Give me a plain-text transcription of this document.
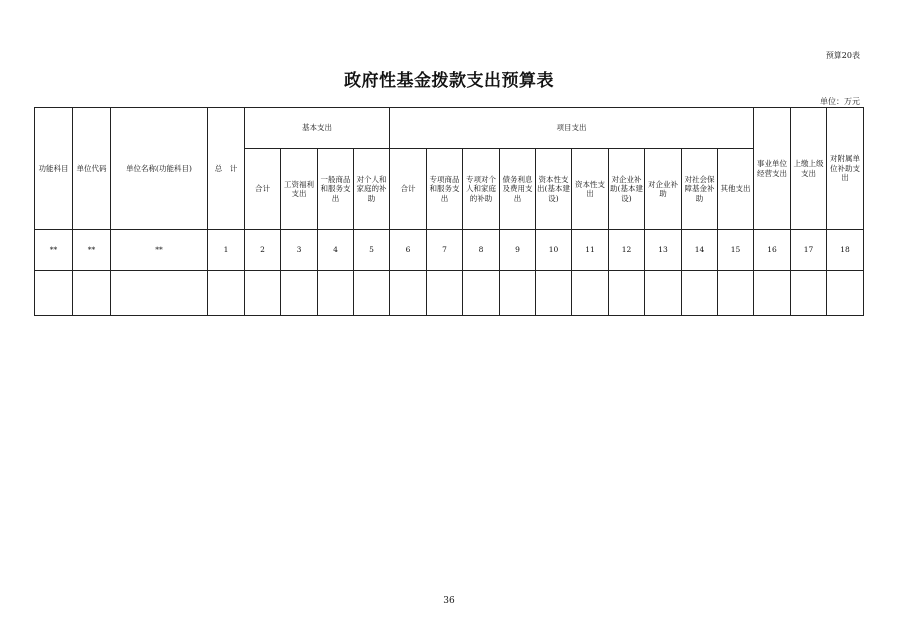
预算20表
政府性基金拨款支出预算表
单位：万元
功能科目	单位代码	单位名称(功能科目)	总　计	基本支出				项目支出										事业单位经营支出	上缴上级支出	对附属单位补助支出
				合计	工资福利支出	一般商品和服务支出	对个人和家庭的补助	合计	专项商品和服务支出	专项对个人和家庭的补助	债务利息及费用支出	资本性支出(基本建设)	资本性支出	对企业补助(基本建设)	对企业补助	对社会保障基金补助	其他支出			
**	**	**	1	2	3	4	5	6	7	8	9	10	11	12	13	14	15	16	17	18

36
